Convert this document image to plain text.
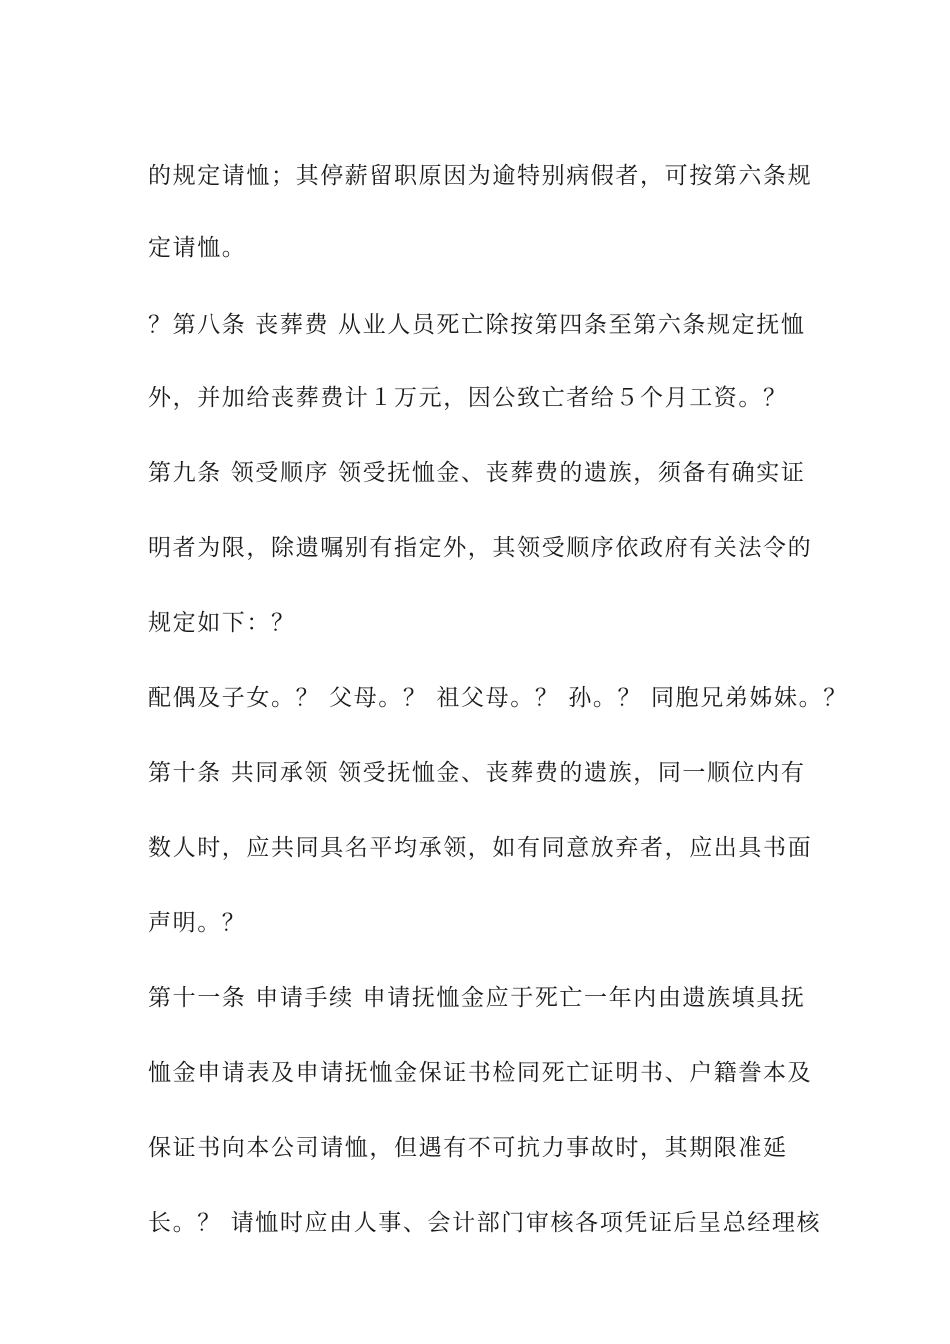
的规定请恤；其停薪留职原因为逾特别病假者，可按第六条规

定请恤。

？第八条 丧葬费 从业人员死亡除按第四条至第六条规定抚恤

外，并加给丧葬费计１万元，因公致亡者给５个月工资。？

第九条 领受顺序 领受抚恤金、丧葬费的遗族，须备有确实证

明者为限，除遗嘱别有指定外，其领受顺序依政府有关法令的

规定如下：？

配偶及子女。？ 父母。？ 祖父母。？ 孙。？ 同胞兄弟姊妹。？

第十条 共同承领 领受抚恤金、丧葬费的遗族，同一顺位内有

数人时，应共同具名平均承领，如有同意放弃者，应出具书面

声明。？

第十一条 申请手续 申请抚恤金应于死亡一年内由遗族填具抚

恤金申请表及申请抚恤金保证书检同死亡证明书、户籍誊本及

保证书向本公司请恤，但遇有不可抗力事故时，其期限准延

长。？ 请恤时应由人事、会计部门审核各项凭证后呈总经理核
